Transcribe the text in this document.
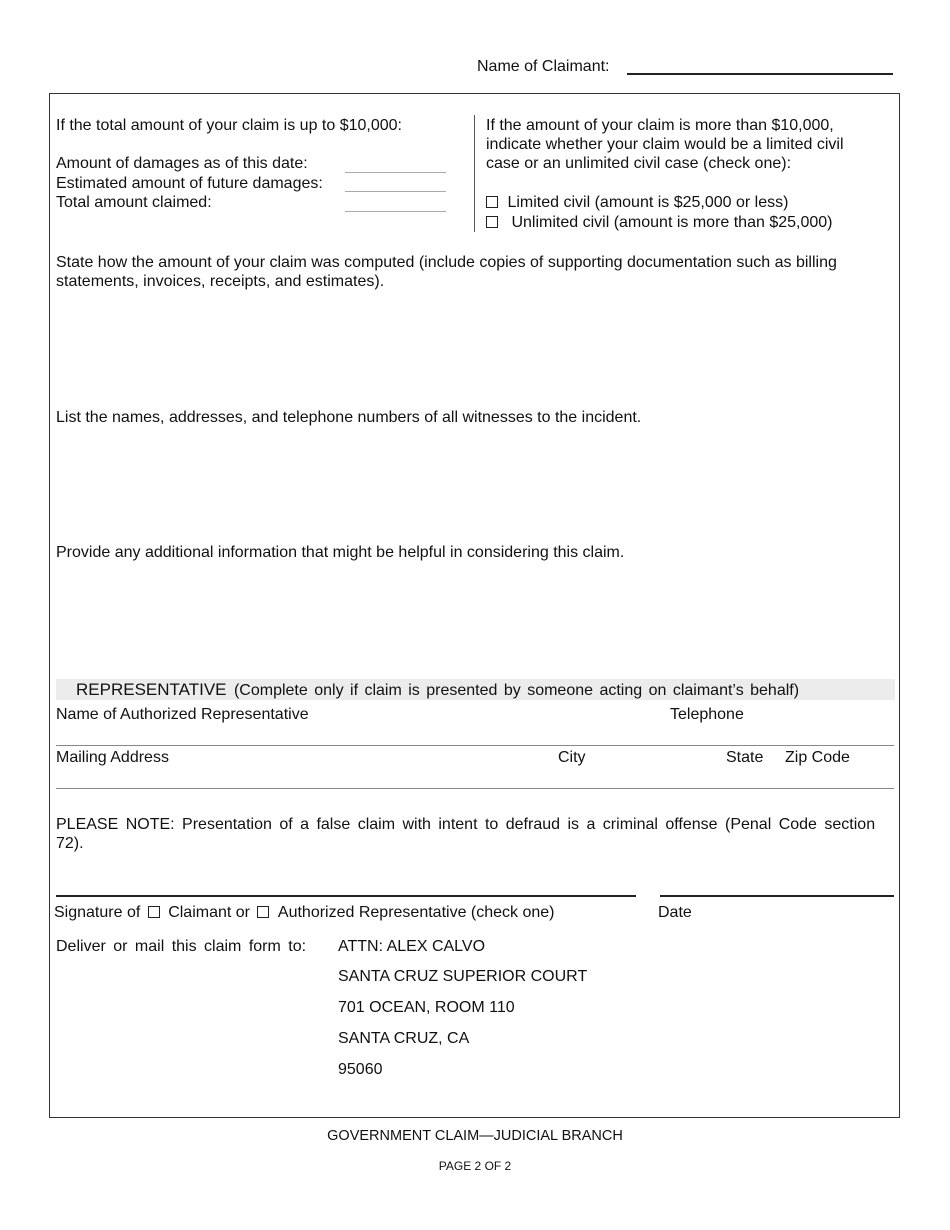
Name of Claimant:
If the total amount of your claim is up to $10,000:
Amount of damages as of this date:
Estimated amount of future damages:
Total amount claimed:
If the amount of your claim is more than $10,000, indicate whether your claim would be a limited civil case or an unlimited civil case (check one):
Limited civil (amount is $25,000 or less)
Unlimited civil (amount is more than $25,000)
State how the amount of your claim was computed (include copies of supporting documentation such as billing statements, invoices, receipts, and estimates).
List the names, addresses, and telephone numbers of all witnesses to the incident.
Provide any additional information that might be helpful in considering this claim.
REPRESENTATIVE (Complete only if claim is presented by someone acting on claimant’s behalf)
Name of Authorized Representative	Telephone
Mailing Address	City	State Zip Code
PLEASE NOTE: Presentation of a false claim with intent to defraud is a criminal offense (Penal Code section 72).
Signature of Claimant or Authorized Representative (check one)	Date
Deliver or mail this claim form to: ATTN: ALEX CALVO
SANTA CRUZ SUPERIOR COURT
701 OCEAN, ROOM 110
SANTA CRUZ, CA
95060
GOVERNMENT CLAIM—JUDICIAL BRANCH
PAGE 2 OF 2
